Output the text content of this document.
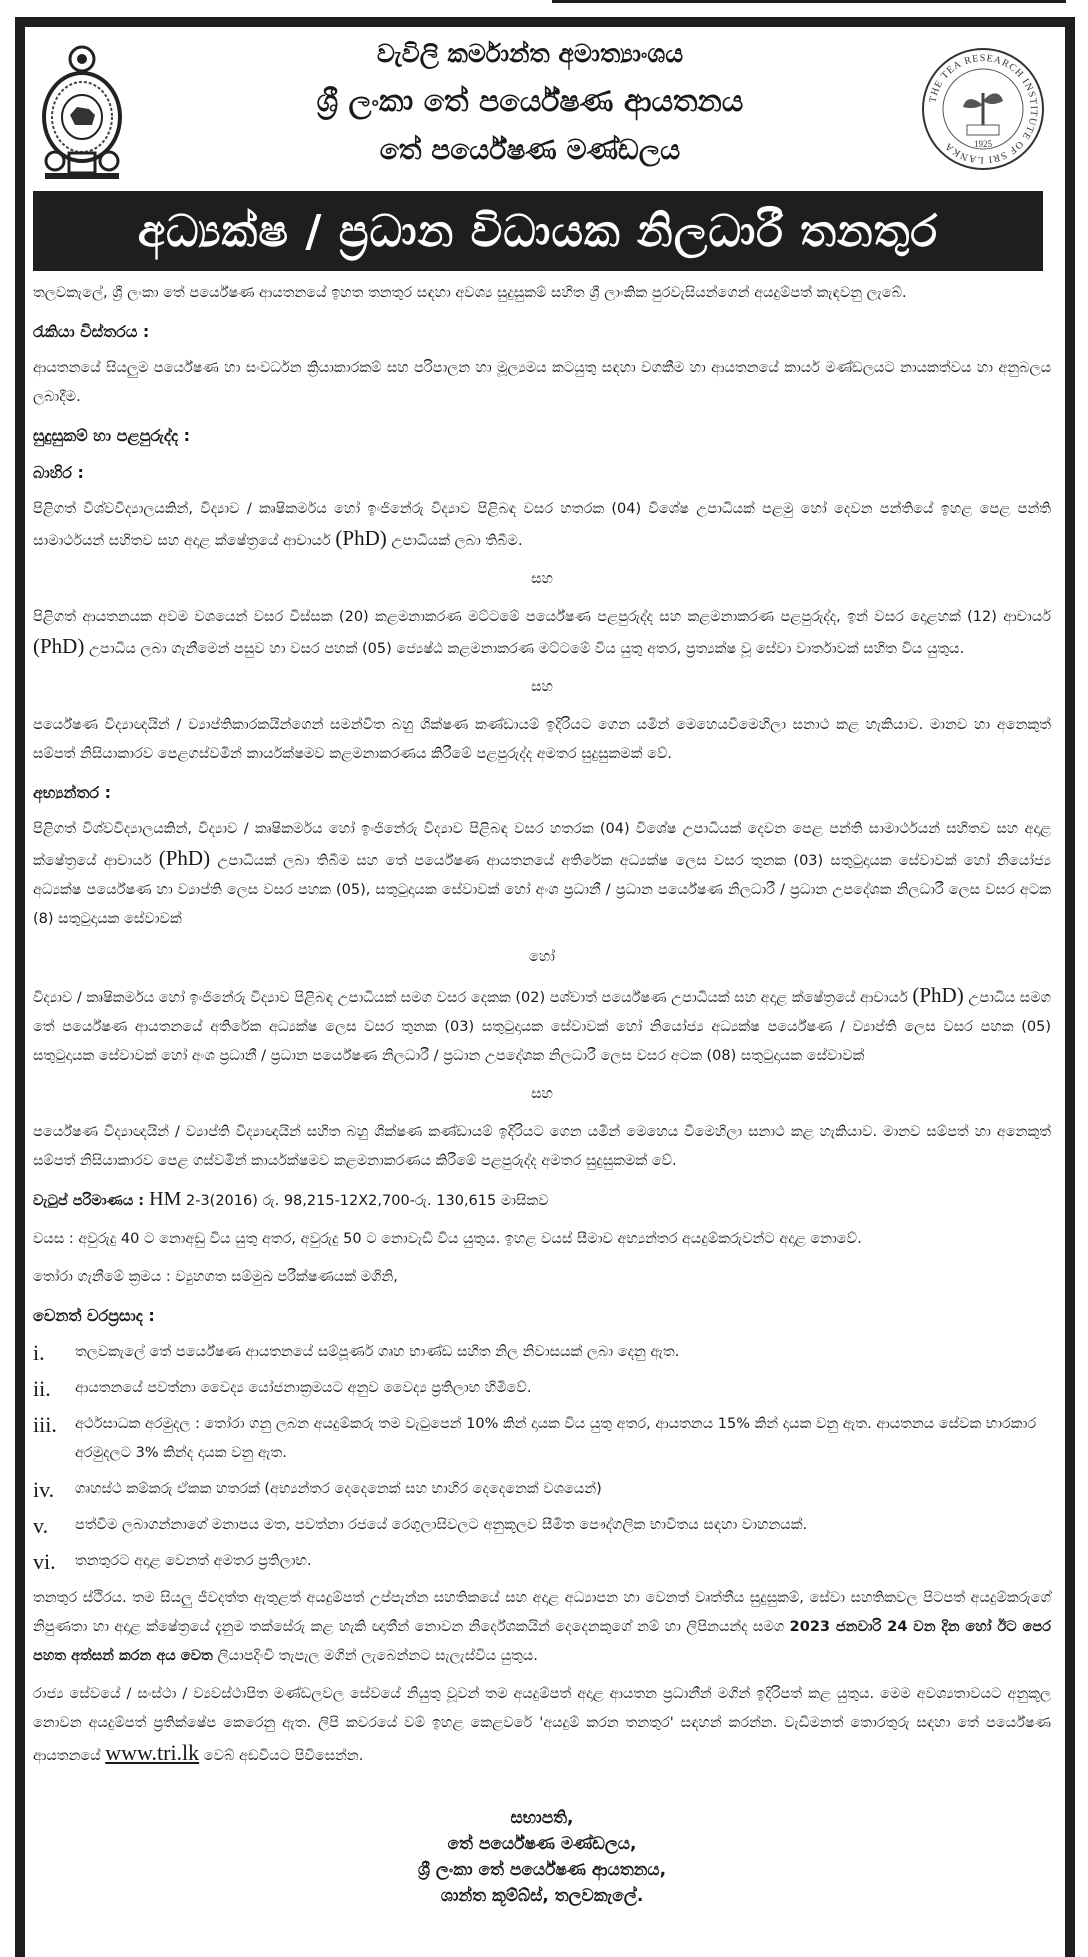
වැවිලි කර්මාන්ත අමාත්‍යාංශය
ශ්‍රී ලංකා තේ පර්යේෂණ ආයතනය
තේ පර්යේෂණ මණ්ඩලය
THE TEA RESEARCH INSTITUTE OF SRI LANKA	1925
අධ්‍යක්ෂ / ප්‍රධාන විධායක නිලධාරී තනතුර

තලවකැලේ, ශ්‍රී ලංකා තේ පර්යේෂණ ආයතනයේ ඉහත තනතුර සඳහා අවශ්‍ය සුදුසුකම් සහිත ශ්‍රී ලාංකික පුරවැසියන්ගෙන් අයදුම්පත් කැඳවනු ලැබේ.

රැකියා විස්තරය :

ආයතනයේ සියලුම පර්යේෂණ හා සංවර්ධන ක්‍රියාකාරකම් සහ පරිපාලන හා මූල්‍යමය කටයුතු සඳහා වගකීම හා ආයතනයේ කාර්ය මණ්ඩලයට නායකත්වය හා අනුබලය ලබාදීම.

සුදුසුකම් හා පළපුරුද්ද :
බාහිර :

පිළිගත් විශ්වවිද්‍යාලයකින්, විද්‍යාව / කෘෂිකර්මය හෝ ඉංජිනේරු විද්‍යාව පිළිබඳ වසර හතරක (04) විශේෂ උපාධියක් පළමු හෝ දෙවන පන්තියේ ඉහළ පෙළ පන්ති සාමාර්ථයන් සහිතව සහ අදාළ ක්ෂේත්‍රයේ ආචාර්ය (PhD) උපාධියක් ලබා තිබීම.

සහ

පිළිගත් ආයතනයක අවම වශයෙන් වසර විස්සක (20) කළමනාකරණ මට්ටමේ පර්යේෂණ පළපුරුද්ද සහ කළමනාකරණ පළපුරුද්ද, ඉන් වසර දොළහක් (12) ආචාර්ය (PhD) උපාධිය ලබා ගැනීමෙන් පසුව හා වසර පහක් (05) ජ්‍යෙෂ්ඨ කළමනාකරණ මට්ටමේ විය යුතු අතර, ප්‍රත්‍යක්ෂ වූ සේවා වාර්තාවක් සහිත විය යුතුය.

සහ

පර්යේෂණ විද්‍යාඥයින් / ව්‍යාප්තිකාරකයින්ගෙන් සමන්විත බහු ශික්ෂණ කණ්ඩායම් ඉදිරියට ගෙන යමින් මෙහෙයවීමෙහිලා සනාථ කළ හැකියාව. මානව හා අනෙකුත් සම්පත් නිසියාකාරව පෙළගස්වමින් කාර්යක්ෂමව කළමනාකරණය කිරීමේ පළපුරුද්ද අමතර සුදුසුකමක් වේ.

අභ්‍යන්තර :

පිළිගත් විශ්වවිද්‍යාලයකින්, විද්‍යාව / කෘෂිකර්මය හෝ ඉංජිනේරු විද්‍යාව පිළිබඳ වසර හතරක (04) විශේෂ උපාධියක් දෙවන පෙළ පන්ති සාමාර්ථයන් සහිතව සහ අදාළ ක්ෂේත්‍රයේ ආචාර්ය (PhD) උපාධියක් ලබා තිබීම සහ තේ පර්යේෂණ ආයතනයේ අතිරේක අධ්‍යක්ෂ ලෙස වසර තුනක (03) සතුටුදායක සේවාවක් හෝ නියෝජ්‍ය අධ්‍යක්ෂ පර්යේෂණ හා ව්‍යාප්ති ලෙස වසර පහක (05), සතුටුදායක සේවාවක් හෝ අංශ ප්‍රධානී / ප්‍රධාන පර්යේෂණ නිලධාරී / ප්‍රධාන උපදේශක නිලධාරී ලෙස වසර අටක (8) සතුටුදායක සේවාවක්

හෝ

විද්‍යාව / කෘෂිකර්මය හෝ ඉංජිනේරු විද්‍යාව පිළිබඳ උපාධියක් සමග වසර දෙකක (02) පශ්චාත් පර්යේෂණ උපාධියක් සහ අදාළ ක්ෂේත්‍රයේ ආචාර්ය (PhD) උපාධිය සමග තේ පර්යේෂණ ආයතනයේ අතිරේක අධ්‍යක්ෂ ලෙස වසර තුනක (03) සතුටුදායක සේවාවක් හෝ නියෝජ්‍ය අධ්‍යක්ෂ පර්යේෂණ / ව්‍යාප්ති ලෙස වසර පහක (05) සතුටුදායක සේවාවක් හෝ අංශ ප්‍රධානී / ප්‍රධාන පර්යේෂණ නිලධාරී / ප්‍රධාන උපදේශක නිලධාරී ලෙස වසර අටක (08) සතුටුදායක සේවාවක්

සහ

පර්යේෂණ විද්‍යාඥයින් / ව්‍යාප්ති විද්‍යාඥයින් සහිත බහු ශික්ෂණ කණ්ඩායම් ඉදිරියට ගෙන යමින් මෙහෙය වීමෙහිලා සනාථ කළ හැකියාව. මානව සම්පත් හා අනෙකුත් සම්පත් නිසියාකාරව පෙළ ගස්වමින් කාර්යක්ෂමව කළමනාකරණය කිරීමේ පළපුරුද්ද අමතර සුදුසුකමක් වේ.

වැටුප් පරිමාණය : HM 2-3(2016) රු. 98,215-12X2,700-රු. 130,615 මාසිකව

වයස : අවුරුදු 40 ට නොඅඩු විය යුතු අතර, අවුරුදු 50 ට නොවැඩි විය යුතුය. ඉහළ වයස් සීමාව අභ්‍යන්තර අයදුම්කරුවන්ට අදාළ නොවේ.

තෝරා ගැනීමේ ක්‍රමය : ව්‍යුහගත සම්මුඛ පරීක්ෂණයක් මගිනි,

වෙනත් වරප්‍රසාද :
i.	තලවකැලේ තේ පර්යේෂණ ආයතනයේ සම්පූර්ණ ගෘහ භාණ්ඩ සහිත නිල නිවාසයක් ලබා දෙනු ඇත.
ii.	ආයතනයේ පවත්නා වෛද්‍ය යෝජනාක්‍රමයට අනුව වෛද්‍ය ප්‍රතිලාභ හිමිවේ.
iii.	අර්ථසාධක අරමුදල : තෝරා ගනු ලබන අයදුම්කරු තම වැටුපෙන් 10% කින් දායක විය යුතු අතර, ආයතනය 15% කින් දායක වනු ඇත. ආයතනය සේවක භාරකාර අරමුදලට 3% කින්ද දායක වනු ඇත.
iv.	ගෘහස්ථ කම්කරු ඒකක හතරක් (අභ්‍යන්තර දෙදෙනෙක් සහ භාහිර දෙදෙනෙක් වශයෙන්)
v.	පත්වීම ලබාගන්නාගේ මනාපය මත, පවත්නා රජයේ රෙගුලාසිවලට අනුකූලව සීමිත පෞද්ගලික භාවිතය සඳහා වාහනයක්.
vi.	තනතුරට අදාළ වෙනත් අමතර ප්‍රතිලාභ.

තනතුර ස්ථිරය. තම සියලු ජීවදත්ත ඇතුළත් අයදුම්පත් උප්පැන්න සහතිකයේ සහ අදාළ අධ්‍යාපන හා වෙනත් වෘත්තීය සුදුසුකම්, සේවා සහතිකවල පිටපත් අයදුම්කරුගේ නිපුණතා හා අදාළ ක්ෂේත්‍රයේ දැනුම තක්සේරු කළ හැකි ඥාතීන් නොවන නිර්දේශකයින් දෙදෙනකුගේ නම් හා ලිපිනයන්ද සමග 2023 ජනවාරි 24 වන දින හෝ ඊට පෙර පහත අත්සන් කරන අය වෙත ලියාපදිංචි තැපැල මගින් ලැබෙන්නට සැලැස්විය යුතුය.

රාජ්‍ය සේවයේ / සංස්ථා / ව්‍යවස්ථාපිත මණ්ඩලවල සේවයේ නියුතු වූවන් තම අයදුම්පත් අදාළ ආයතන ප්‍රධානීන් මගින් ඉදිරිපත් කළ යුතුය. මෙම අවශ්‍යතාවයට අනුකූල නොවන අයදුම්පත් ප්‍රතික්ෂේප කෙරෙනු ඇත. ලිපි කවරයේ වම් ඉහළ කෙළවරේ 'අයදුම් කරන තනතුර' සඳහන් කරන්න. වැඩිමනත් තොරතුරු සඳහා තේ පර්යේෂණ ආයතනයේ www.tri.lk වෙබ් අඩවියට පිවිසෙන්න.

සභාපති,
තේ පර්යේෂණ මණ්ඩලය,
ශ්‍රී ලංකා තේ පර්යේෂණ ආයතනය,
ශාන්ත කූම්බ්ස්, තලවකැලේ.
